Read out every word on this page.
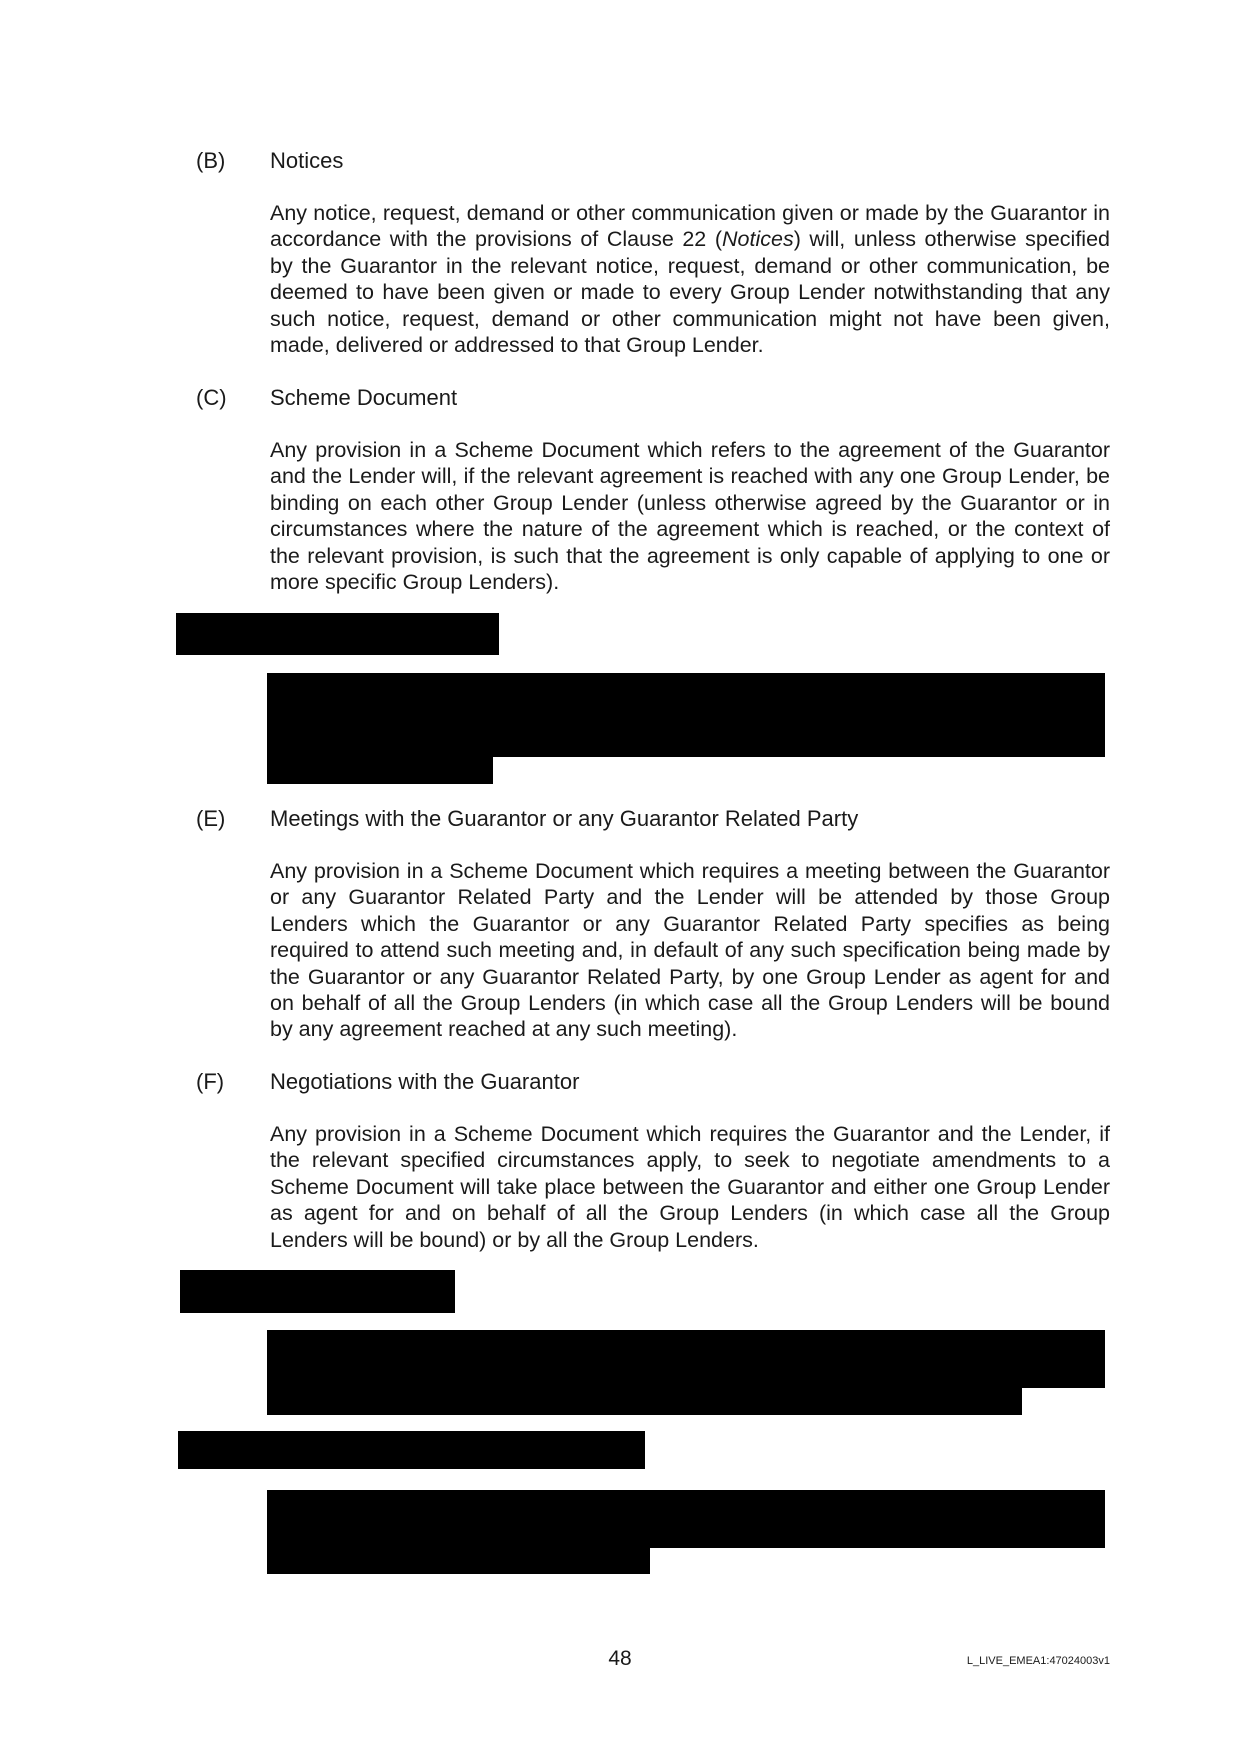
(B) Notices

Any notice, request, demand or other communication given or made by the Guarantor in accordance with the provisions of Clause 22 (Notices) will, unless otherwise specified by the Guarantor in the relevant notice, request, demand or other communication, be deemed to have been given or made to every Group Lender notwithstanding that any such notice, request, demand or other communication might not have been given, made, delivered or addressed to that Group Lender.

(C) Scheme Document

Any provision in a Scheme Document which refers to the agreement of the Guarantor and the Lender will, if the relevant agreement is reached with any one Group Lender, be binding on each other Group Lender (unless otherwise agreed by the Guarantor or in circumstances where the nature of the agreement which is reached, or the context of the relevant provision, is such that the agreement is only capable of applying to one or more specific Group Lenders).

(E) Meetings with the Guarantor or any Guarantor Related Party

Any provision in a Scheme Document which requires a meeting between the Guarantor or any Guarantor Related Party and the Lender will be attended by those Group Lenders which the Guarantor or any Guarantor Related Party specifies as being required to attend such meeting and, in default of any such specification being made by the Guarantor or any Guarantor Related Party, by one Group Lender as agent for and on behalf of all the Group Lenders (in which case all the Group Lenders will be bound by any agreement reached at any such meeting).

(F) Negotiations with the Guarantor

Any provision in a Scheme Document which requires the Guarantor and the Lender, if the relevant specified circumstances apply, to seek to negotiate amendments to a Scheme Document will take place between the Guarantor and either one Group Lender as agent for and on behalf of all the Group Lenders (in which case all the Group Lenders will be bound) or by all the Group Lenders.

48	L_LIVE_EMEA1:47024003v1
